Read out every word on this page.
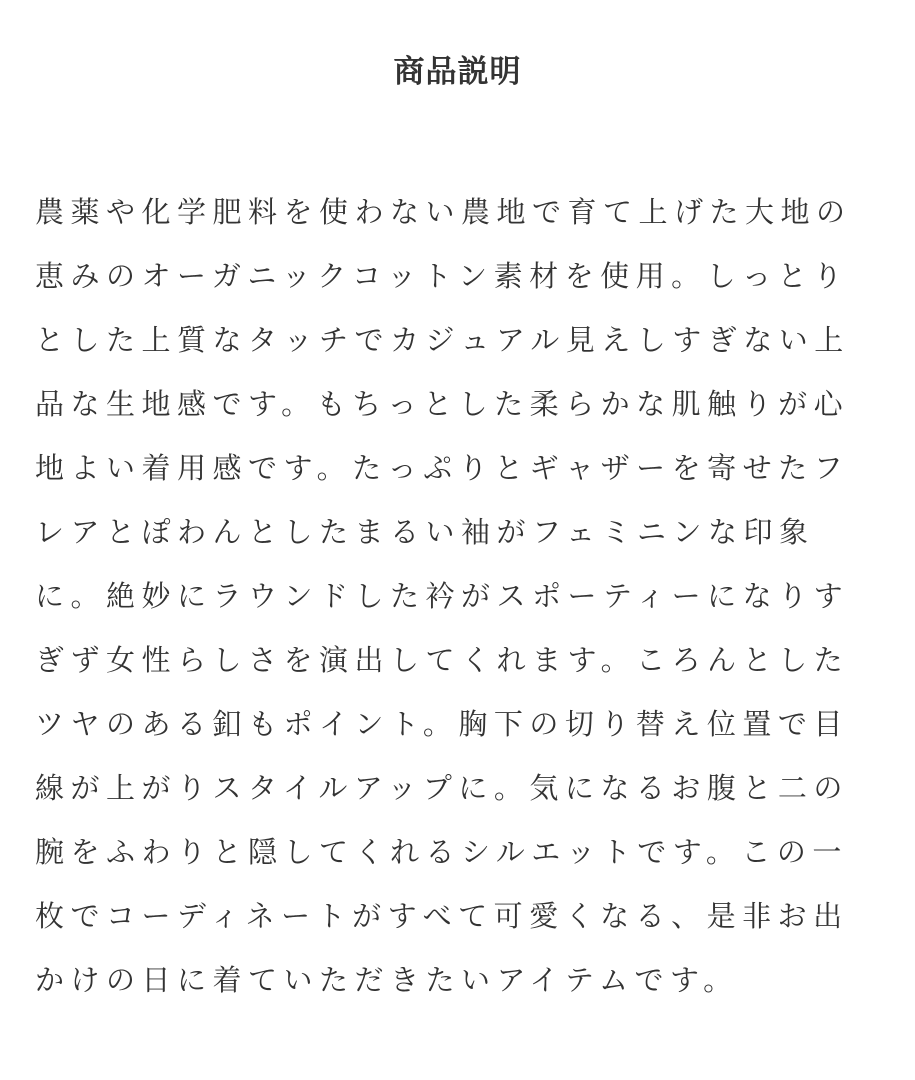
商品説明
農薬や化学肥料を使わない農地で育て上げた大地の
恵みのオーガニックコットン素材を使用。しっとり
とした上質なタッチでカジュアル見えしすぎない上
品な生地感です。もちっとした柔らかな肌触りが心
地よい着用感です。たっぷりとギャザーを寄せたフ
レアとぽわんとしたまるい袖がフェミニンな印象
に。絶妙にラウンドした衿がスポーティーになりす
ぎず女性らしさを演出してくれます。ころんとした
ツヤのある釦もポイント。胸下の切り替え位置で目
線が上がりスタイルアップに。気になるお腹と二の
腕をふわりと隠してくれるシルエットです。この一
枚でコーディネートがすべて可愛くなる、是非お出
かけの日に着ていただきたいアイテムです。
